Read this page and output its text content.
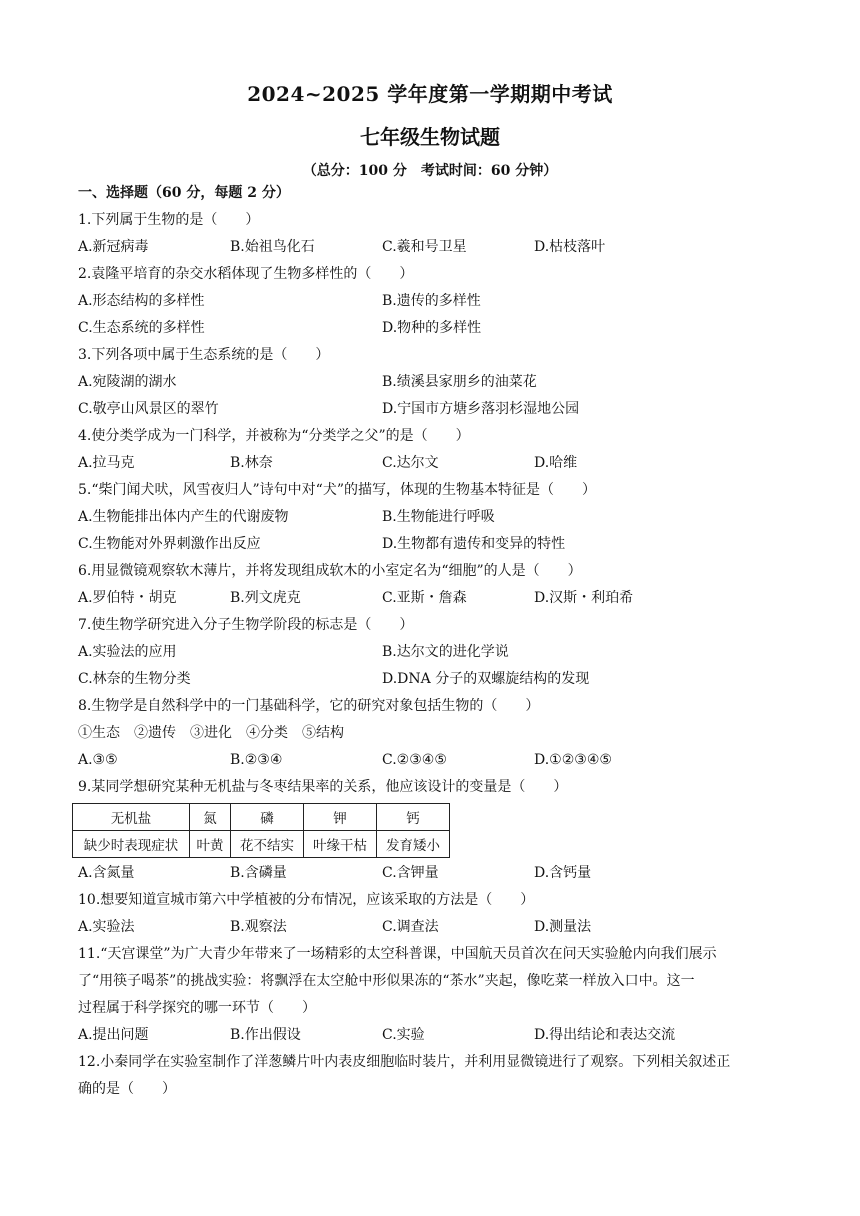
2024~2025 学年度第一学期期中考试
七年级生物试题
（总分：100 分　考试时间：60 分钟）
一、选择题（60 分，每题 2 分）
1.下列属于生物的是（　　）
A.新冠病毒	B.始祖鸟化石	C.羲和号卫星	D.枯枝落叶
2.袁隆平培育的杂交水稻体现了生物多样性的（　　）
A.形态结构的多样性	B.遗传的多样性
C.生态系统的多样性	D.物种的多样性
3.下列各项中属于生态系统的是（　　）
A.宛陵湖的湖水	B.绩溪县家朋乡的油菜花
C.敬亭山风景区的翠竹	D.宁国市方塘乡落羽杉湿地公园
4.使分类学成为一门科学，并被称为“分类学之父”的是（　　）
A.拉马克	B.林奈	C.达尔文	D.哈维
5.“柴门闻犬吠，风雪夜归人”诗句中对“犬”的描写，体现的生物基本特征是（　　）
A.生物能排出体内产生的代谢废物	B.生物能进行呼吸
C.生物能对外界刺激作出反应	D.生物都有遗传和变异的特性
6.用显微镜观察软木薄片，并将发现组成软木的小室定名为“细胞”的人是（　　）
A.罗伯特・胡克	B.列文虎克	C.亚斯・詹森	D.汉斯・利珀希
7.使生物学研究进入分子生物学阶段的标志是（　　）
A.实验法的应用	B.达尔文的进化学说
C.林奈的生物分类	D.DNA 分子的双螺旋结构的发现
8.生物学是自然科学中的一门基础科学，它的研究对象包括生物的（　　）
①生态　②遗传　③进化　④分类　⑤结构
A.③⑤	B.②③④	C.②③④⑤	D.①②③④⑤
9.某同学想研究某种无机盐与冬枣结果率的关系，他应该设计的变量是（　　）
无机盐	氮	磷	钾	钙
缺少时表现症状	叶黄	花不结实	叶缘干枯	发育矮小
A.含氮量	B.含磷量	C.含钾量	D.含钙量
10.想要知道宣城市第六中学植被的分布情况，应该采取的方法是（　　）
A.实验法	B.观察法	C.调查法	D.测量法
11.“天宫课堂”为广大青少年带来了一场精彩的太空科普课，中国航天员首次在问天实验舱内向我们展示
了“用筷子喝茶”的挑战实验：将飘浮在太空舱中形似果冻的“茶水”夹起，像吃菜一样放入口中。这一
过程属于科学探究的哪一环节（　　）
A.提出问题	B.作出假设	C.实验	D.得出结论和表达交流
12.小秦同学在实验室制作了洋葱鳞片叶内表皮细胞临时装片，并利用显微镜进行了观察。下列相关叙述正
确的是（　　）
